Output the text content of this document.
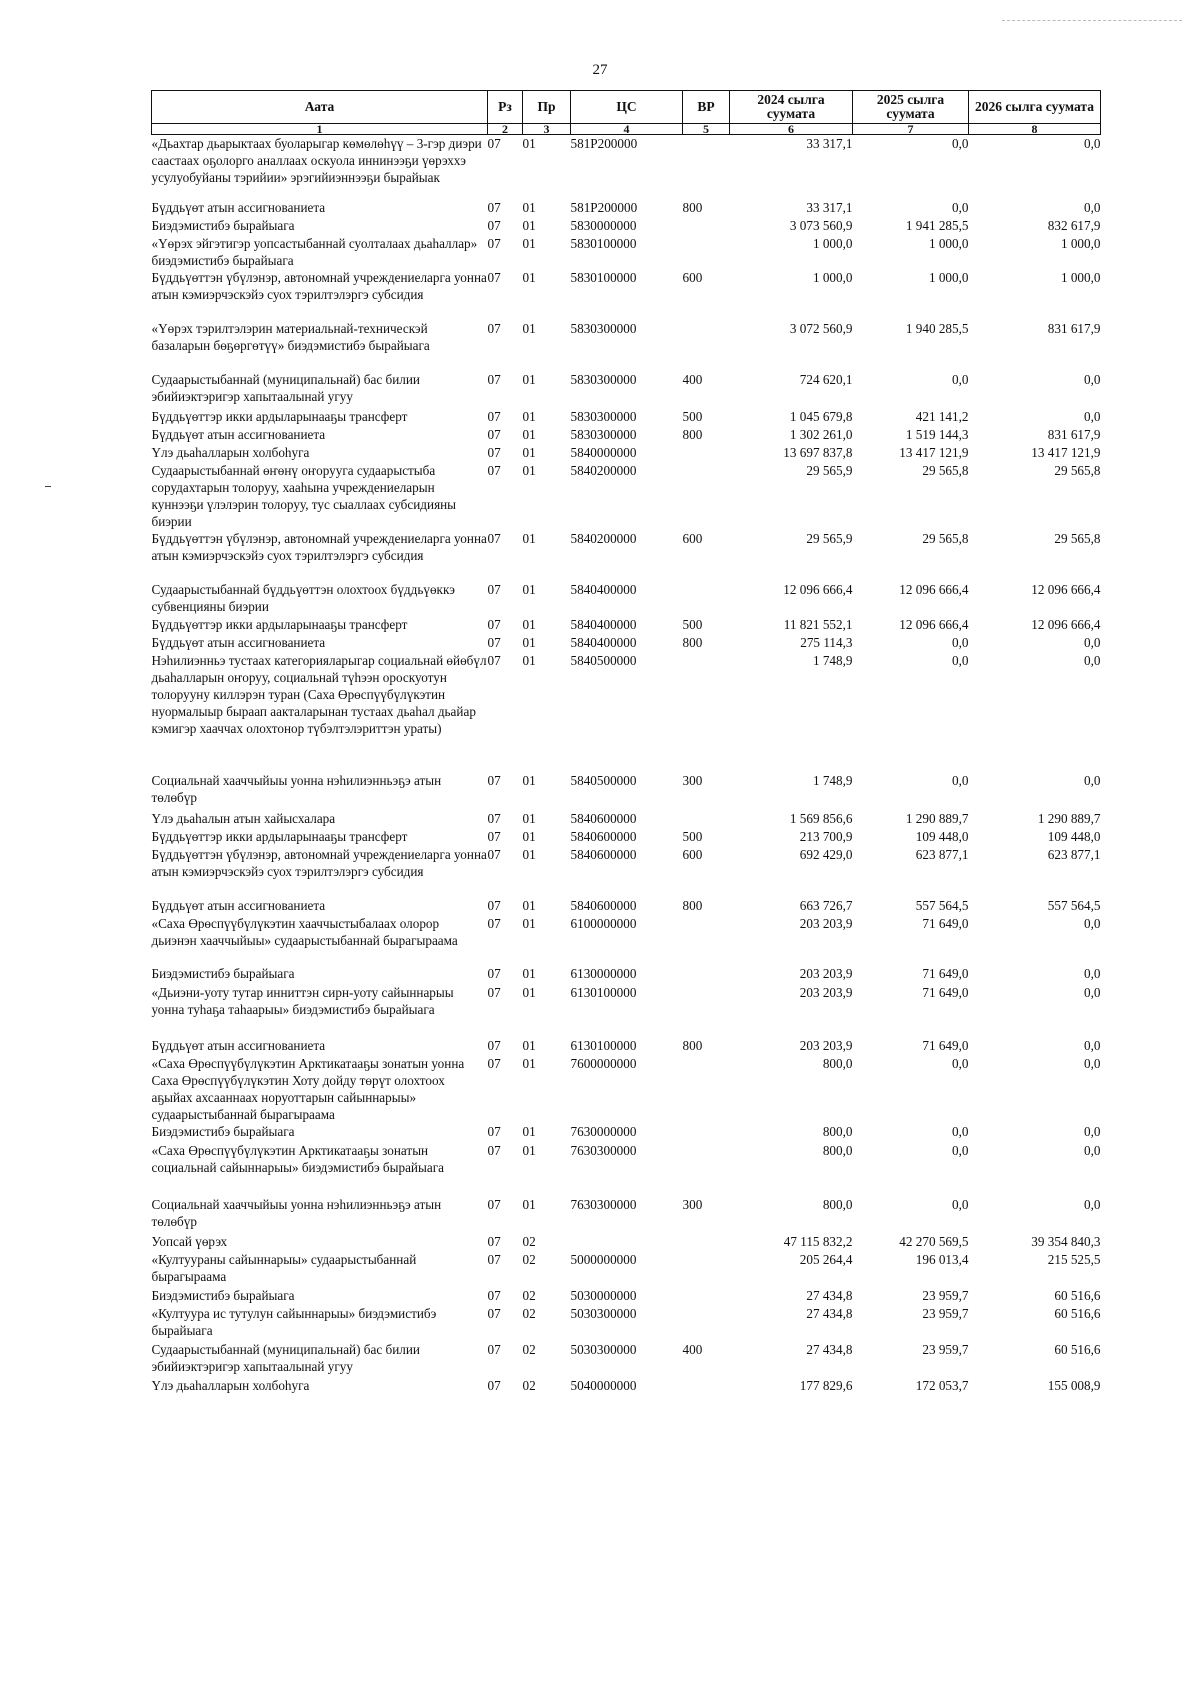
27
Аата	Рз	Пр	ЦС	ВР	2024 сылга суумата	2025 сылга суумата	2026 сылга суумата
1	2	3	4	5	6	7	8
«Дьахтар дьарыктаах буоларыгар көмөлөһүү – 3-гэр диэри саастаах оҕолорго аналлаах оскуола иннинээҕи үөрэххэ усулуобуйаны тэрийии» эрэгийиэннээҕи бырайыак	07	01	581P200000		33 317,1	0,0	0,0
Бүддьүөт атын ассигнованиета	07	01	581P200000	800	33 317,1	0,0	0,0
Биэдэмистибэ бырайыага	07	01	5830000000		3 073 560,9	1 941 285,5	832 617,9
«Үөрэх эйгэтигэр уопсастыбаннай суолталаах дьаһаллар» биэдэмистибэ бырайыага	07	01	5830100000		1 000,0	1 000,0	1 000,0
Бүддьүөттэн үбүлэнэр, автономнай учреждениеларга уонна атын кэмиэрчэскэйэ суох тэрилтэлэргэ субсидия	07	01	5830100000	600	1 000,0	1 000,0	1 000,0
«Үөрэх тэрилтэлэрин материальнай-техническэй базаларын бөҕөргөтүү» биэдэмистибэ бырайыага	07	01	5830300000		3 072 560,9	1 940 285,5	831 617,9
Судаарыстыбаннай (муниципальнай) бас билии эбийиэктэригэр хапытаалынай угуу	07	01	5830300000	400	724 620,1	0,0	0,0
Бүддьүөттэр икки ардыларынааҕы трансферт	07	01	5830300000	500	1 045 679,8	421 141,2	0,0
Бүддьүөт атын ассигнованиета	07	01	5830300000	800	1 302 261,0	1 519 144,3	831 617,9
Үлэ дьаһалларын холбоһуга	07	01	5840000000		13 697 837,8	13 417 121,9	13 417 121,9
Судаарыстыбаннай өҥөнү оҥорууга судаарыстыба сорудахтарын толоруу, хааһына учреждениеларын куннээҕи үлэлэрин толоруу, тус сыаллаах субсидияны биэрии	07	01	5840200000		29 565,9	29 565,8	29 565,8
Бүддьүөттэн үбүлэнэр, автономнай учреждениеларга уонна атын кэмиэрчэскэйэ суох тэрилтэлэргэ субсидия	07	01	5840200000	600	29 565,9	29 565,8	29 565,8
Судаарыстыбаннай бүддьүөттэн олохтоох бүддьүөккэ субвенцияны биэрии	07	01	5840400000		12 096 666,4	12 096 666,4	12 096 666,4
Бүддьүөттэр икки ардыларынааҕы трансферт	07	01	5840400000	500	11 821 552,1	12 096 666,4	12 096 666,4
Бүддьүөт атын ассигнованиета	07	01	5840400000	800	275 114,3	0,0	0,0
Нэһилиэнньэ тустаах категорияларыгар социальнай өйөбүл дьаһалларын оҥоруу, социальнай түһээн ороскуотун толорууну киллэрэн туран (Саха Өрөспүүбүлүкэтин нуормалыыр быраап аакталарынан тустаах дьаһал дьайар кэмигэр хааччах олохтонор түбэлтэлэриттэн ураты)	07	01	5840500000		1 748,9	0,0	0,0
Социальнай хааччыйыы уонна нэһилиэнньэҕэ атын төлөбүр	07	01	5840500000	300	1 748,9	0,0	0,0
Үлэ дьаһалын атын хайысхалара	07	01	5840600000		1 569 856,6	1 290 889,7	1 290 889,7
Бүддьүөттэр икки ардыларынааҕы трансферт	07	01	5840600000	500	213 700,9	109 448,0	109 448,0
Бүддьүөттэн үбүлэнэр, автономнай учреждениеларга уонна атын кэмиэрчэскэйэ суох тэрилтэлэргэ субсидия	07	01	5840600000	600	692 429,0	623 877,1	623 877,1
Бүддьүөт атын ассигнованиета	07	01	5840600000	800	663 726,7	557 564,5	557 564,5
«Саха Өрөспүүбүлүкэтин хааччыстыбалаах олорор дьиэнэн хааччыйыы» судаарыстыбаннай бырагыраама	07	01	6100000000		203 203,9	71 649,0	0,0
Биэдэмистибэ бырайыага	07	01	6130000000		203 203,9	71 649,0	0,0
«Дьиэни-уоту тутар инниттэн сирн-уоту сайыннарыы уонна туһаҕа таһаарыы» биэдэмистибэ бырайыага	07	01	6130100000		203 203,9	71 649,0	0,0
Бүддьүөт атын ассигнованиета	07	01	6130100000	800	203 203,9	71 649,0	0,0
«Саха Өрөспүүбүлүкэтин Арктикатааҕы зонатын уонна Саха Өрөспүүбүлүкэтин Хоту дойду төрүт олохтоох аҕыйах ахсааннаах норуоттарын сайыннарыы» судаарыстыбаннай бырагыраама	07	01	7600000000		800,0	0,0	0,0
Биэдэмистибэ бырайыага	07	01	7630000000		800,0	0,0	0,0
«Саха Өрөспүүбүлүкэтин Арктикатааҕы зонатын социальнай сайыннарыы» биэдэмистибэ бырайыага	07	01	7630300000		800,0	0,0	0,0
Социальнай хааччыйыы уонна нэһилиэнньэҕэ атын төлөбүр	07	01	7630300000	300	800,0	0,0	0,0
Уопсай үөрэх	07	02			47 115 832,2	42 270 569,5	39 354 840,3
«Култуураны сайыннарыы» судаарыстыбаннай бырагыраама	07	02	5000000000		205 264,4	196 013,4	215 525,5
Биэдэмистибэ бырайыага	07	02	5030000000		27 434,8	23 959,7	60 516,6
«Култуура ис тутулун сайыннарыы» биэдэмистибэ бырайыага	07	02	5030300000		27 434,8	23 959,7	60 516,6
Судаарыстыбаннай (муниципальнай) бас билии эбийиэктэригэр хапытаалынай угуу	07	02	5030300000	400	27 434,8	23 959,7	60 516,6
Үлэ дьаһалларын холбоһуга	07	02	5040000000		177 829,6	172 053,7	155 008,9
